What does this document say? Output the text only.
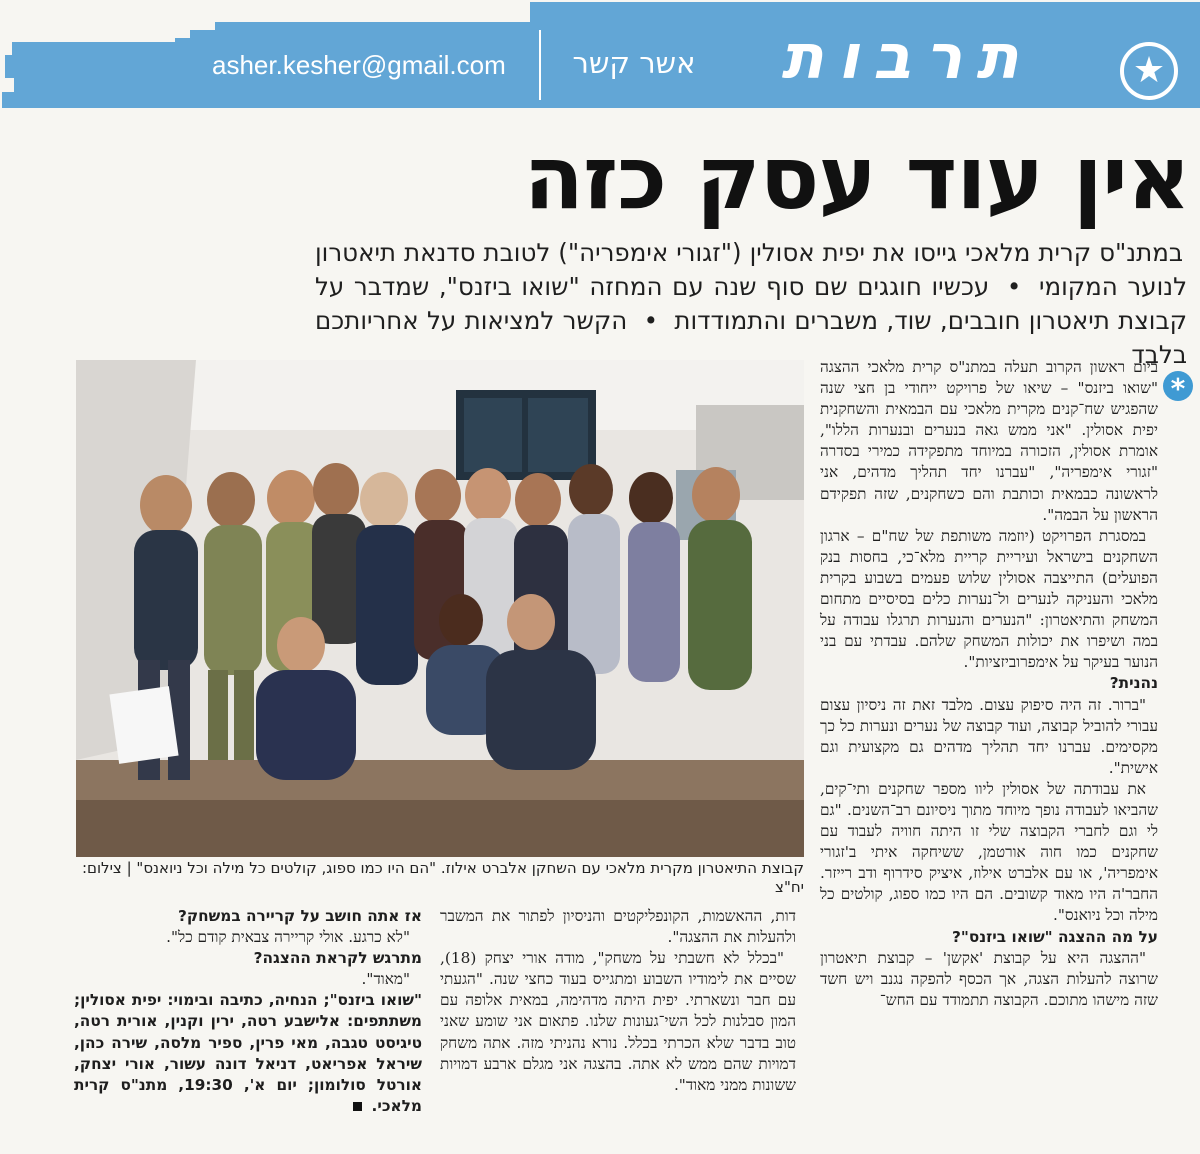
asher.kesher@gmail.com	אשר קשר	תרבות	★
אין עוד עסק כזה
במתנ"ס קרית מלאכי גייסו את יפית אסולין ("זגורי אימפריה") לטובת סדנאת תיאטרון לנוער המקומי • עכשיו חוגגים שם סוף שנה עם המחזה "שואו ביזנס", שמדבר על קבוצת תיאטרון חובבים, שוד, משברים והתמודדות • הקשר למציאות על אחריותכם בלבד
קבוצת התיאטרון מקרית מלאכי עם השחקן אלברט אילוז. "הם היו כמו ספוג, קולטים כל מילה וכל ניואנס" | צילום: יח"צ
*

ביום ראשון הקרוב תעלה במתנ"ס קרית מלאכי ההצגה "שואו ביזנס" – שיאו של פרויקט ייחודי בן חצי שנה שהפגיש שח־קנים מקרית מלאכי עם הבמאית והשחקנית יפית אסולין. "אני ממש גאה בנערים ובנערות הללו", אומרת אסולין, הזכורה במיוחד מתפקידה כמירי בסדרה "זגורי אימפריה", "עברנו יחד תהליך מדהים, אני לראשונה כבמאית וכותבת והם כשחקנים, שזה תפקידם הראשון על הבמה".

במסגרת הפרויקט (יוזמה משותפת של שח"ם – ארגון השחקנים בישראל ועיריית קריית מלא־כי, בחסות בנק הפועלים) התייצבה אסולין שלוש פעמים בשבוע בקרית מלאכי והעניקה לנערים ול־נערות כלים בסיסיים מתחום המשחק והתיאטרון: "הנערים והנערות תרגלו עבודה על במה ושיפרו את יכולות המשחק שלהם. עבדתי עם בני הנוער בעיקר על אימפרוביזציות".

נהנית?

"ברור. זה היה סיפוק עצום. מלבד זאת זה ניסיון עצום עבורי להוביל קבוצה, ועוד קבוצה של נערים ונערות כל כך מקסימים. עברנו יחד תהליך מדהים גם מקצועית וגם אישית".

את עבודתה של אסולין ליוו מספר שחקנים ותי־קים, שהביאו לעבודה נופך מיוחד מתוך ניסיונם רב־השנים. "גם לי וגם לחברי הקבוצה שלי זו היתה חוויה לעבוד עם שחקנים כמו חוה אורטמן, ששיחקה איתי ב'זגורי אימפריה', או עם אלברט אילוז, איציק סידרוף ודב רייזר. החבר'ה היו מאוד קשובים. הם היו כמו ספוג, קולטים כל מילה וכל ניואנס".

על מה ההצגה "שואו ביזנס"?

"ההצגה היא על קבוצת 'אקשן' – קבוצת תיאטרון שרוצה להעלות הצגה, אך הכסף להפקה נגנב ויש חשד שזה מישהו מתוכם. הקבוצה תתמודד עם החש־

דות, ההאשמות, הקונפליקטים והניסיון לפתור את המשבר ולהעלות את ההצגה".

"בכלל לא חשבתי על משחק", מודה אורי יצחק (18), שסיים את לימודיו השבוע ומתגייס בעוד כחצי שנה. "הגעתי עם חבר ונשארתי. יפית היתה מדהימה, במאית אלופה עם המון סבלנות לכל השי־געונות שלנו. פתאום אני שומע שאני טוב בדבר שלא הכרתי בכלל. נורא נהניתי מזה. אתה משחק דמויות שהם ממש לא אתה. בהצגה אני מגלם ארבע דמויות ששונות ממני מאוד".

אז אתה חושב על קריירה במשחק?

"לא כרגע. אולי קריירה צבאית קודם כל".

מתרגש לקראת ההצגה?

"מאוד".

"שואו ביזנס"; הנחיה, כתיבה ובימוי: יפית אסולין; משתתפים: אלישבע רטה, ירין וקנין, אורית רטה, טיגיסט טגבה, מאי פרין, ספיר מלסה, שירה כהן, שיראל אפריאט, דניאל דונה עשור, אורי יצחק, אורטל סולומון; יום א', 19:30, מתנ"ס קרית מלאכי.
